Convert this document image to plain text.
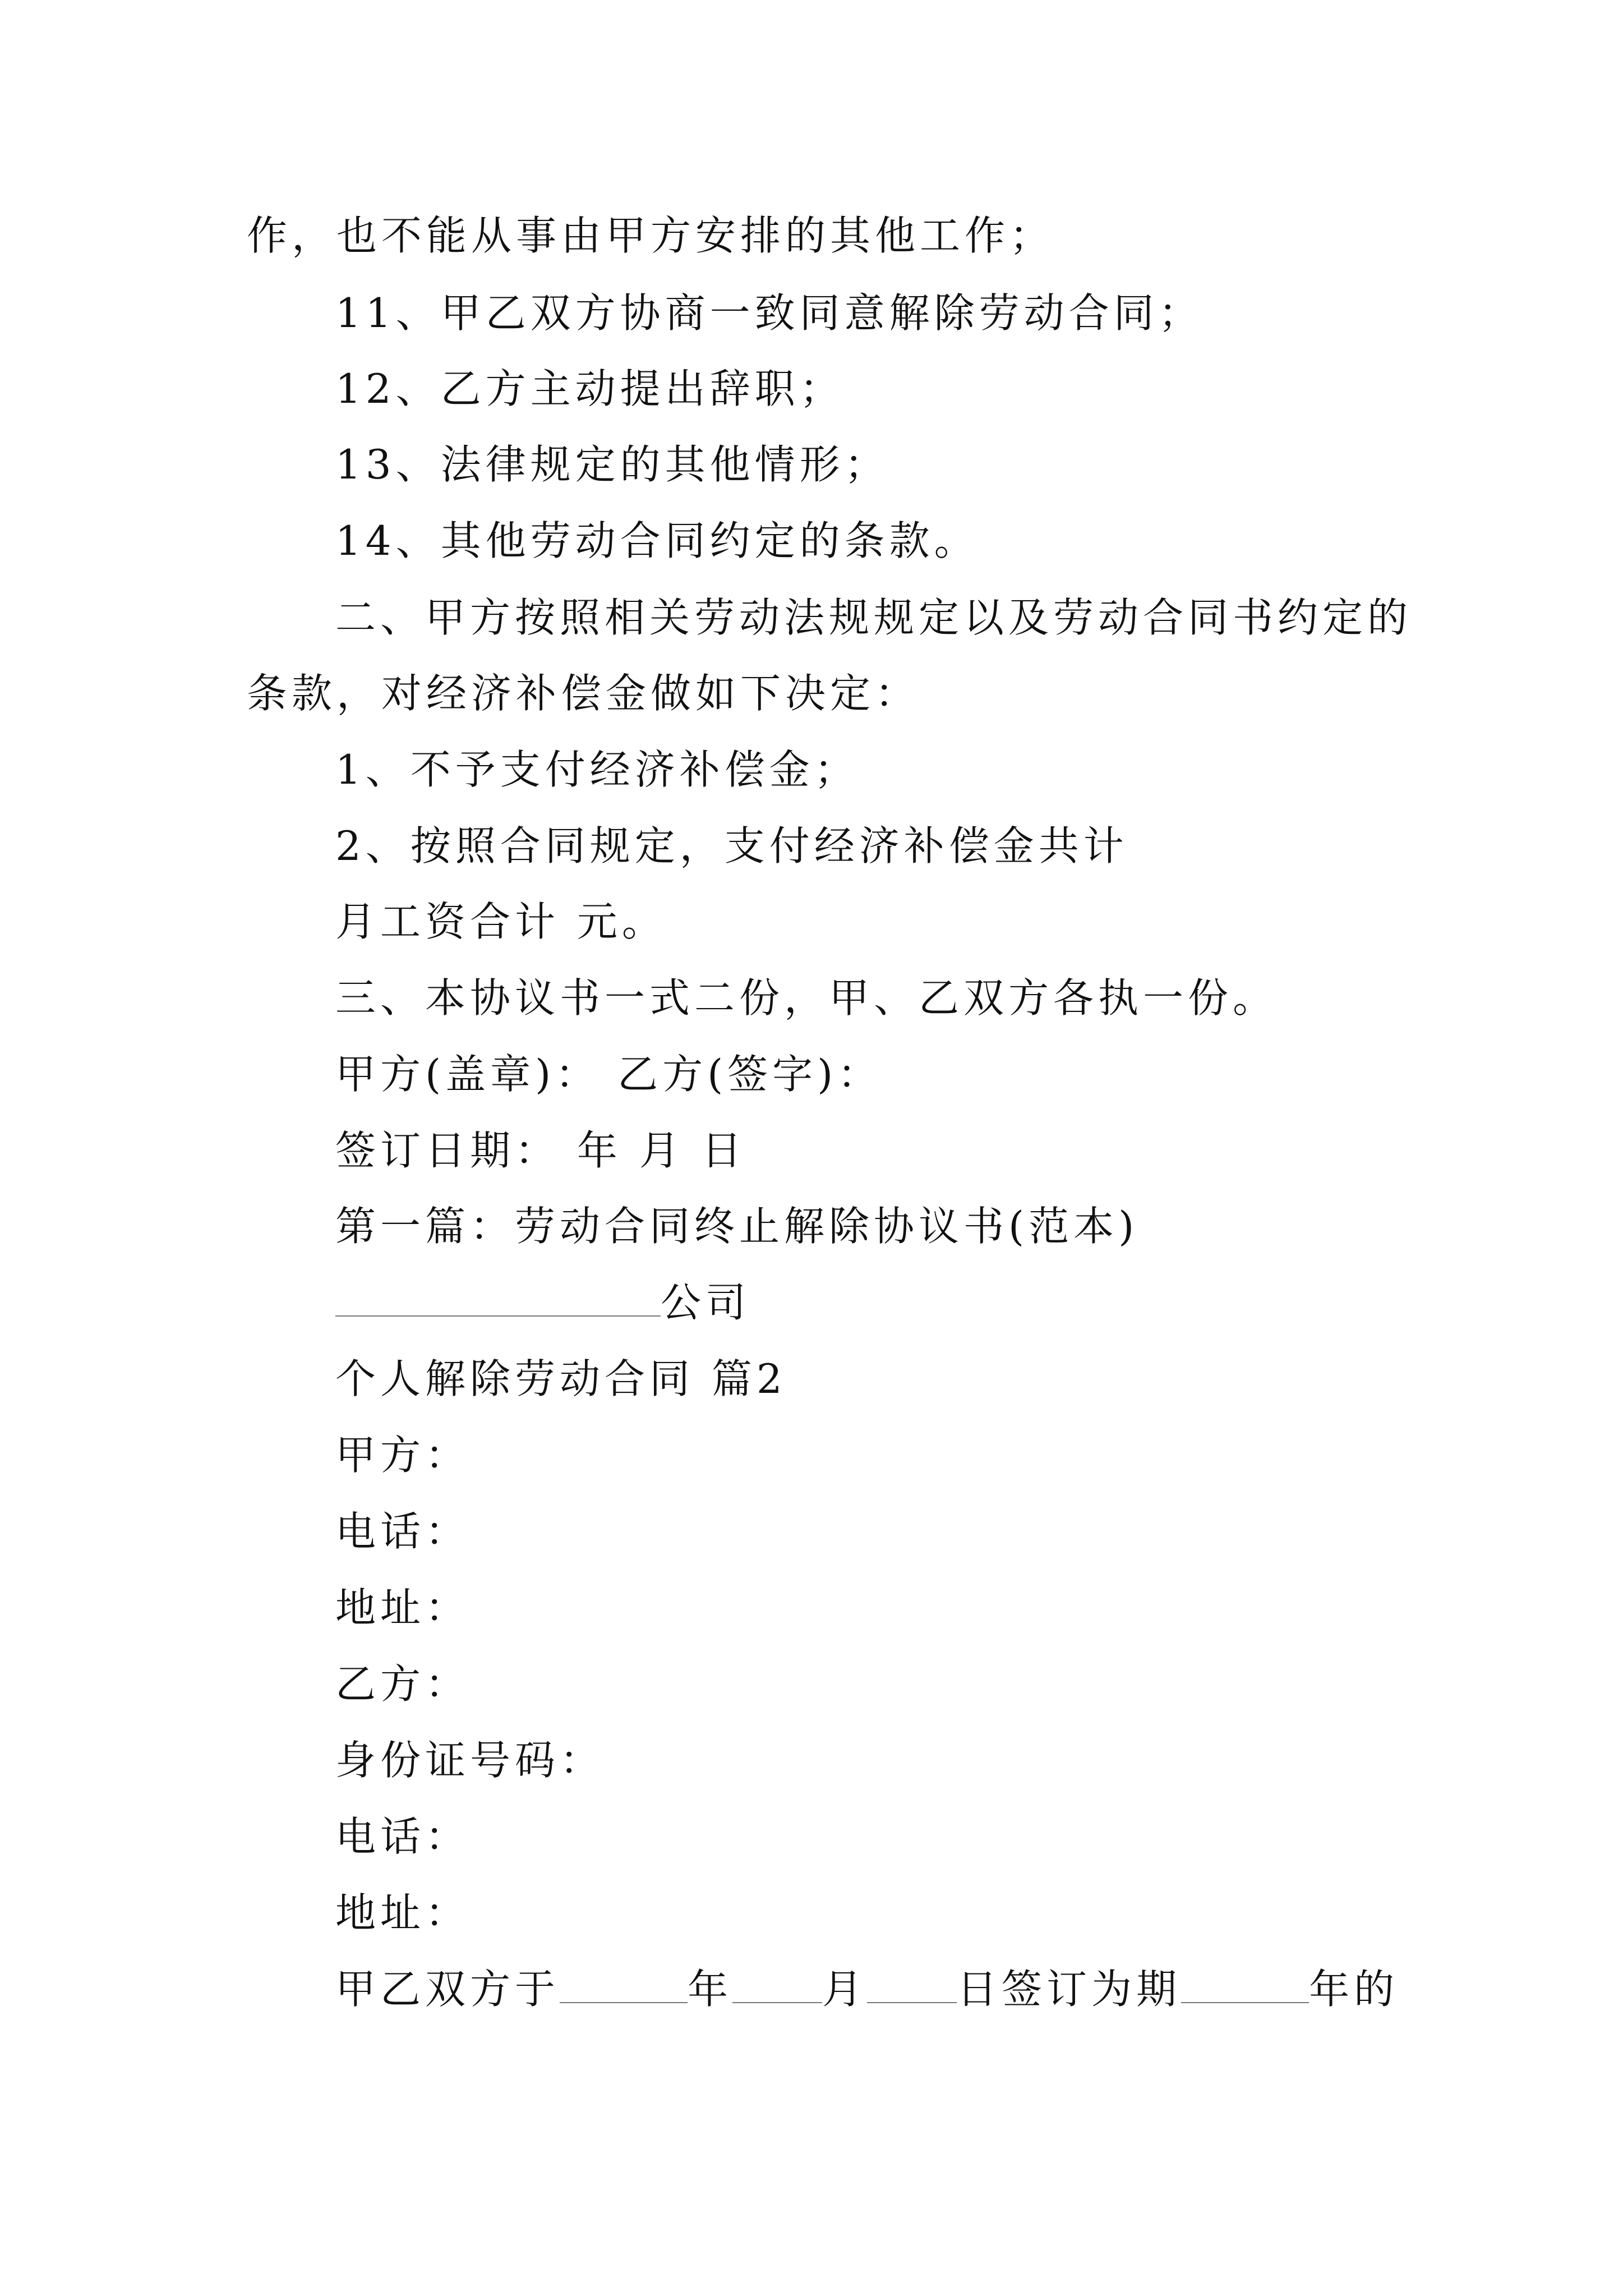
作，也不能从事由甲方安排的其他工作；
11、甲乙双方协商一致同意解除劳动合同；
12、乙方主动提出辞职；
13、法律规定的其他情形；
14、其他劳动合同约定的条款。
二、甲方按照相关劳动法规规定以及劳动合同书约定的
条款，对经济补偿金做如下决定：
1、不予支付经济补偿金；
2、按照合同规定，支付经济补偿金共计
月工资合计 元。
三、本协议书一式二份，甲、乙双方各执一份。
甲方(盖章)： 乙方(签字)：
签订日期： 年 月 日
第一篇：劳动合同终止解除协议书(范本)
公司
个人解除劳动合同 篇2
甲方：
电话：
地址：
乙方：
身份证号码：
电话：
地址：
甲乙双方于	年 月 日签订为期	年的
